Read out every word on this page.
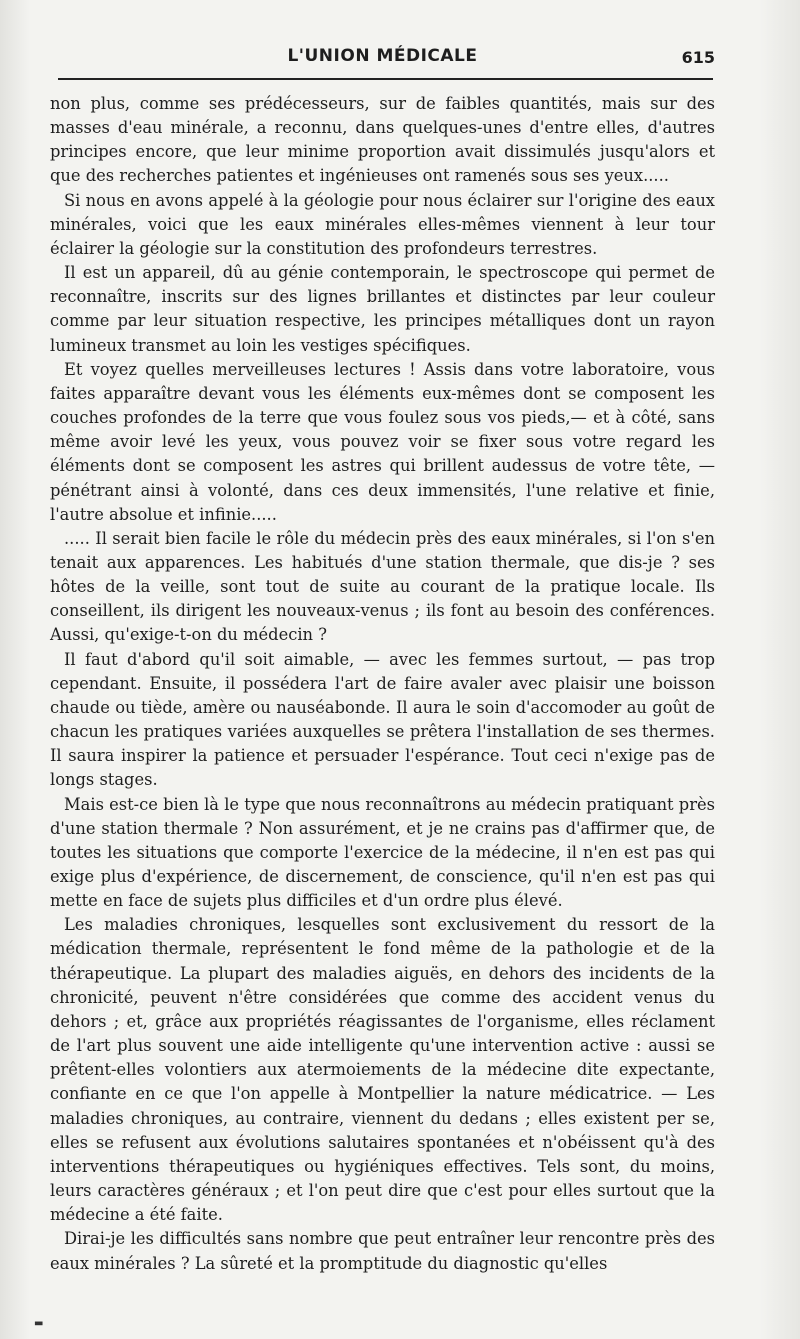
L'UNION MÉDICALE	615

non plus, comme ses prédécesseurs, sur de faibles quantités, mais sur des masses d'eau minérale, a reconnu, dans quelques-unes d'entre elles, d'autres principes encore, que leur minime proportion avait dissimulés jusqu'alors et que des recherches patientes et ingénieuses ont ramenés sous ses yeux.....

Si nous en avons appelé à la géologie pour nous éclairer sur l'origine des eaux minérales, voici que les eaux minérales elles-mêmes viennent à leur tour éclairer la géologie sur la constitution des profondeurs terrestres.

Il est un appareil, dû au génie contemporain, le spectroscope qui permet de reconnaître, inscrits sur des lignes brillantes et distinctes par leur couleur comme par leur situation respective, les principes métalliques dont un rayon lumineux transmet au loin les vestiges spécifiques.

Et voyez quelles merveilleuses lectures ! Assis dans votre laboratoire, vous faites apparaître devant vous les éléments eux-mêmes dont se composent les couches profondes de la terre que vous foulez sous vos pieds,— et à côté, sans même avoir levé les yeux, vous pouvez voir se fixer sous votre regard les éléments dont se composent les astres qui brillent audessus de votre tête, — pénétrant ainsi à volonté, dans ces deux immensités, l'une relative et finie, l'autre absolue et infinie.....

..... Il serait bien facile le rôle du médecin près des eaux minérales, si l'on s'en tenait aux apparences. Les habitués d'une station thermale, que dis-je ? ses hôtes de la veille, sont tout de suite au courant de la pratique locale. Ils conseillent, ils dirigent les nouveaux-venus ; ils font au besoin des conférences. Aussi, qu'exige-t-on du médecin ?

Il faut d'abord qu'il soit aimable, — avec les femmes surtout, — pas trop cependant. Ensuite, il possédera l'art de faire avaler avec plaisir une boisson chaude ou tiède, amère ou nauséabonde. Il aura le soin d'accomoder au goût de chacun les pratiques variées auxquelles se prêtera l'installation de ses thermes. Il saura inspirer la patience et persuader l'espérance. Tout ceci n'exige pas de longs stages.

Mais est-ce bien là le type que nous reconnaîtrons au médecin pratiquant près d'une station thermale ? Non assurément, et je ne crains pas d'affirmer que, de toutes les situations que comporte l'exercice de la médecine, il n'en est pas qui exige plus d'expérience, de discernement, de conscience, qu'il n'en est pas qui mette en face de sujets plus difficiles et d'un ordre plus élevé.

Les maladies chroniques, lesquelles sont exclusivement du ressort de la médication thermale, représentent le fond même de la pathologie et de la thérapeutique. La plupart des maladies aiguës, en dehors des incidents de la chronicité, peuvent n'être considérées que comme des accident venus du dehors ; et, grâce aux propriétés réagissantes de l'organisme, elles réclament de l'art plus souvent une aide intelligente qu'une intervention active : aussi se prêtent-elles volontiers aux atermoiements de la médecine dite expectante, confiante en ce que l'on appelle à Montpellier la nature médicatrice. — Les maladies chroniques, au contraire, viennent du dedans ; elles existent per se, elles se refusent aux évolutions salutaires spontanées et n'obéissent qu'à des interventions thérapeutiques ou hygiéniques effectives. Tels sont, du moins, leurs caractères généraux ; et l'on peut dire que c'est pour elles surtout que la médecine a été faite.

Dirai-je les difficultés sans nombre que peut entraîner leur rencontre près des eaux minérales ? La sûreté et la promptitude du diagnostic qu'elles

▬
